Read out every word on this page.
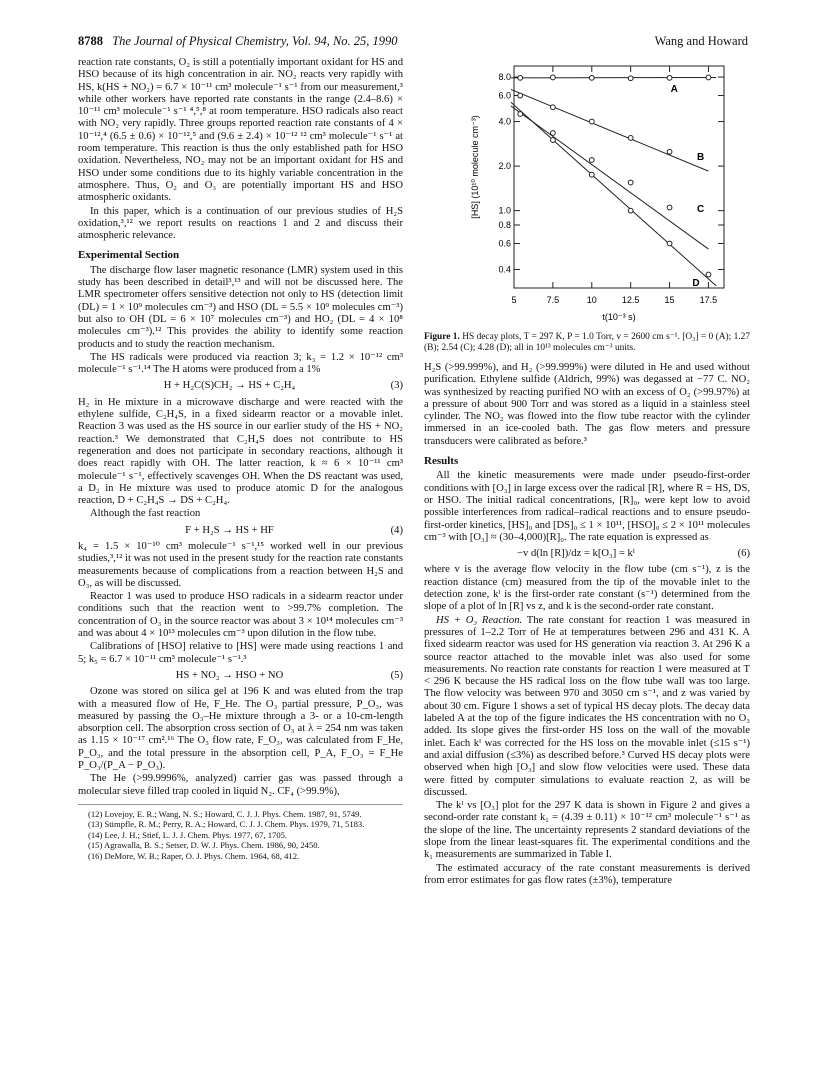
8788 The Journal of Physical Chemistry, Vol. 94, No. 25, 1990	Wang and Howard

reaction rate constants, O₂ is still a potentially important oxidant for HS and HSO because of its high concentration in air. NO₂ reacts very rapidly with HS, k(HS + NO₂) = 6.7 × 10⁻¹¹ cm³ molecule⁻¹ s⁻¹ from our measurement,³ while other workers have reported rate constants in the range (2.4–8.6) × 10⁻¹¹ cm³ molecule⁻¹ s⁻¹ ⁴,⁵,⁸ at room temperature. HSO radicals also react with NO₂ very rapidly. Three groups reported reaction rate constants of 4 × 10⁻¹²,⁴ (6.5 ± 0.6) × 10⁻¹²,⁵ and (9.6 ± 2.4) × 10⁻¹² ¹² cm³ molecule⁻¹ s⁻¹ at room temperature. This reaction is thus the only established path for HSO oxidation. Nevertheless, NO₂ may not be an important oxidant for HS and HSO under some conditions due to its highly variable concentration in the atmosphere. Thus, O₂ and O₃ are potentially important HS and HSO atmospheric oxidants.

In this paper, which is a continuation of our previous studies of H₂S oxidation,³,¹² we report results on reactions 1 and 2 and discuss their atmospheric relevance.

Experimental Section

The discharge flow laser magnetic resonance (LMR) system used in this study has been described in detail³,¹³ and will not be discussed here. The LMR spectrometer offers sensitive detection not only to HS (detection limit (DL) = 1 × 10⁹ molecules cm⁻³) and HSO (DL = 5.5 × 10⁹ molecules cm⁻³) but also to OH (DL = 6 × 10⁷ molecules cm⁻³) and HO₂ (DL = 4 × 10⁸ molecules cm⁻³).¹² This provides the ability to identify some reaction products and to study the reaction mechanism.

The HS radicals were produced via reaction 3; k₃ = 1.2 × 10⁻¹² cm³ molecule⁻¹ s⁻¹.¹⁴ The H atoms were produced from a 1%

H + H₂C(S)CH₂ → HS + C₂H₄	(3)

H₂ in He mixture in a microwave discharge and were reacted with the ethylene sulfide, C₂H₄S, in a fixed sidearm reactor or a movable inlet. Reaction 3 was used as the HS source in our earlier study of the HS + NO₂ reaction.³ We demonstrated that C₂H₄S does not contribute to HS regeneration and does not participate in secondary reactions, although it does react rapidly with OH. The latter reaction, k ≈ 6 × 10⁻¹¹ cm³ molecule⁻¹ s⁻¹, effectively scavenges OH. When the DS reactant was used, a D₂ in He mixture was used to produce atomic D for the analogous reaction, D + C₂H₄S → DS + C₂H₄.

Although the fast reaction

F + H₂S → HS + HF	(4)

k₄ = 1.5 × 10⁻¹⁰ cm³ molecule⁻¹ s⁻¹,¹⁵ worked well in our previous studies,³,¹² it was not used in the present study for the reaction rate constants measurements because of complications from a reaction between H₂S and O₃, as will be discussed.

Reactor 1 was used to produce HSO radicals in a sidearm reactor under conditions such that the reaction went to >99.7% completion. The concentration of O₃ in the source reactor was about 3 × 10¹⁴ molecules cm⁻³ and was about 4 × 10¹³ molecules cm⁻³ upon dilution in the flow tube.

Calibrations of [HSO] relative to [HS] were made using reactions 1 and 5; k₅ = 6.7 × 10⁻¹¹ cm³ molecule⁻¹ s⁻¹.³

HS + NO₂ → HSO + NO	(5)

Ozone was stored on silica gel at 196 K and was eluted from the trap with a measured flow of He, F_He. The O₃ partial pressure, P_O₃, was measured by passing the O₃–He mixture through a 3- or a 10-cm-length absorption cell. The absorption cross section of O₃ at λ = 254 nm was taken as 1.15 × 10⁻¹⁷ cm².¹⁶ The O₃ flow rate, F_O₃, was calculated from F_He, P_O₃, and the total pressure in the absorption cell, P_A, F_O₃ = F_He P_O₃/(P_A − P_O₃).

The He (>99.9996%, analyzed) carrier gas was passed through a molecular sieve filled trap cooled in liquid N₂. CF₄ (>99.9%),

(12) Lovejoy, E. R.; Wang, N. S.; Howard, C. J. J. Phys. Chem. 1987, 91, 5749.
(13) Stimpfle, R. M.; Perry, R. A.; Howard, C. J. J. Chem. Phys. 1979, 71, 5183.
(14) Lee, J. H.; Stief, L. J. J. Chem. Phys. 1977, 67, 1705.
(15) Agrawalla, B. S.; Setser, D. W. J. Phys. Chem. 1986, 90, 2450.
(16) DeMore, W. B.; Raper, O. J. Phys. Chem. 1964, 68, 412.
5	7.5	10	12.5	15	17.5
8.0
6.0
4.0
2.0
1.0
0.8
0.6
0.4
t(10⁻³ s)
[HS] (10¹⁰ molecule cm⁻³)
A
B
C
D
Figure 1. HS decay plots, T = 297 K, P = 1.0 Torr, v = 2600 cm s⁻¹. [O₃] = 0 (A); 1.27 (B); 2.54 (C); 4.28 (D); all in 10¹³ molecules cm⁻³ units.

H₂S (>99.999%), and H₂ (>99.999%) were diluted in He and used without purification. Ethylene sulfide (Aldrich, 99%) was degassed at −77 C. NO₂ was synthesized by reacting purified NO with an excess of O₂ (>99.97%) at a pressure of about 900 Torr and was stored as a liquid in a stainless steel cylinder. The NO₂ was flowed into the flow tube reactor with the cylinder immersed in an ice-cooled bath. The gas flow meters and pressure transducers were calibrated as before.³

Results

All the kinetic measurements were made under pseudo-first-order conditions with [O₃] in large excess over the radical [R], where R = HS, DS, or HSO. The initial radical concentrations, [R]₀, were kept low to avoid possible interferences from radical–radical reactions and to ensure pseudo-first-order kinetics, [HS]₀ and [DS]₀ ≤ 1 × 10¹¹, [HSO]₀ ≤ 2 × 10¹¹ molecules cm⁻³ with [O₃] ≈ (30–4,000)[R]₀. The rate equation is expressed as

−v d(ln [R])/dz = k[O₃] = kᴵ	(6)

where v is the average flow velocity in the flow tube (cm s⁻¹), z is the reaction distance (cm) measured from the tip of the movable inlet to the detection zone, kᴵ is the first-order rate constant (s⁻¹) determined from the slope of a plot of ln [R] vs z, and k is the second-order rate constant.

HS + O₃ Reaction. The rate constant for reaction 1 was measured in pressures of 1–2.2 Torr of He at temperatures between 296 and 431 K. A fixed sidearm reactor was used for HS generation via reaction 3. At 296 K a source reactor attached to the movable inlet was also used for some measurements. No reaction rate constants for reaction 1 were measured at T < 296 K because the HS radical loss on the flow tube wall was too large. The flow velocity was between 970 and 3050 cm s⁻¹, and z was varied by about 30 cm. Figure 1 shows a set of typical HS decay plots. The decay data labeled A at the top of the figure indicates the HS concentration with no O₃ added. Its slope gives the first-order HS loss on the wall of the movable inlet. Each kᴵ was corrected for the HS loss on the movable inlet (≤15 s⁻¹) and axial diffusion (≤3%) as described before.³ Curved HS decay plots were observed when high [O₃] and slow flow velocities were used. These data were fitted by computer simulations to evaluate reaction 2, as will be discussed.

The kᴵ vs [O₃] plot for the 297 K data is shown in Figure 2 and gives a second-order rate constant k₁ = (4.39 ± 0.11) × 10⁻¹² cm³ molecule⁻¹ s⁻¹ as the slope of the line. The uncertainty represents 2 standard deviations of the slope from the linear least-squares fit. The experimental conditions and the k₁ measurements are summarized in Table I.

The estimated accuracy of the rate constant measurements is derived from error estimates for gas flow rates (±3%), temperature
